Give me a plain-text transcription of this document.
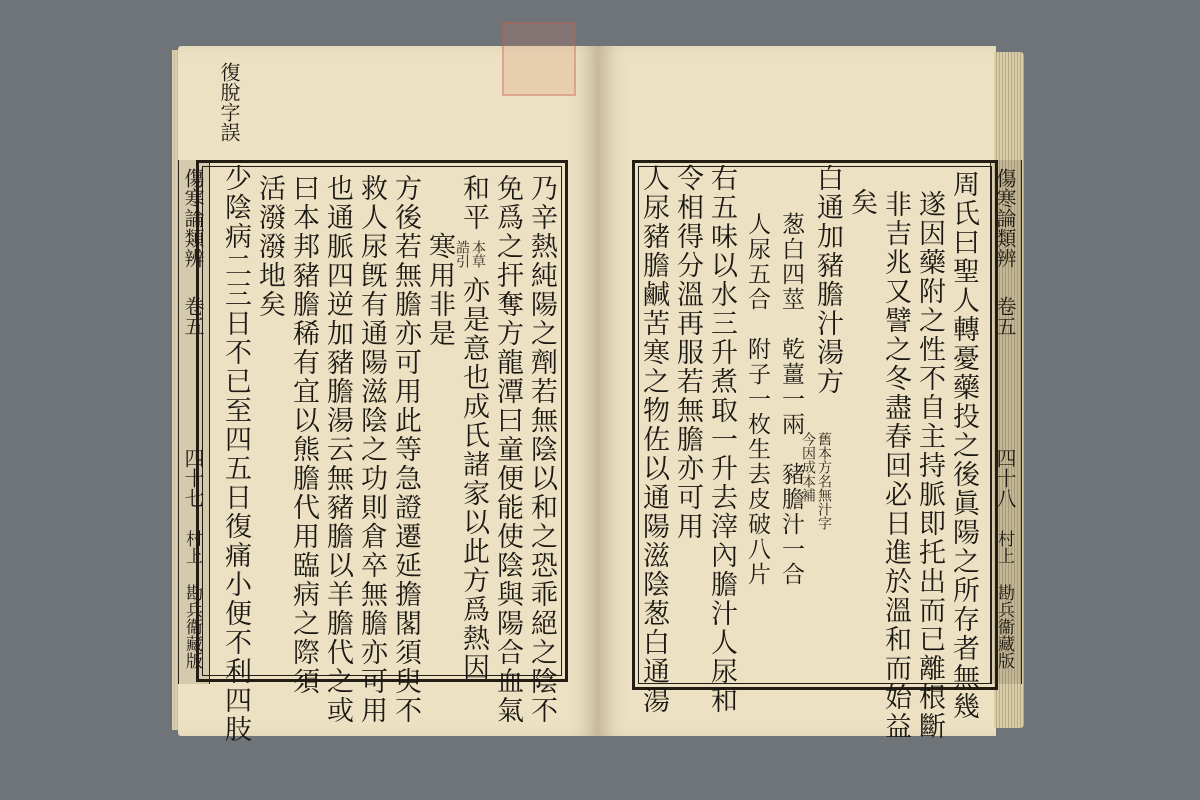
復脫字誤
傷寒論類辨
卷五
四十七
村上 勘兵衞藏版	乃辛熱純陽之劑若無陰以和之恐乖絕之陰不
免爲之扞奪方龍潭曰童便能使陰與陽合血氣
和平
本草
誥引
亦是意也成氏諸家以此方爲熱因
寒用非是
方後若無膽亦可用此等急證遷延擔閣須臾不
救人尿旣有通陽滋陰之功則倉卒無膽亦可用
也通脈四逆加豬膽湯云無豬膽以羊膽代之或
曰本邦豬膽稀有宜以熊膽代用臨病之際須
活潑潑地矣
少陰病二三日不已至四五日復痛小便不利四肢	傷寒論類辨
卷五
四十八
村上 勘兵衞藏版
周氏曰聖人轉憂藥投之後眞陽之所存者無幾
遂因藥附之性不自主持脈即托出而已離根斷
非吉兆又譬之冬盡春回必日進於溫和而始益
矣
白通加豬膽汁湯方
舊本方名無汁字今因成本補
葱白四莖　乾薑一兩　豬膽汁一合
人尿五合　附子一枚生去皮破八片
右五味以水三升煮取一升去滓內膽汁人尿和
令相得分溫再服若無膽亦可用
人尿豬膽鹹苦寒之物佐以通陽滋陰葱白通湯
